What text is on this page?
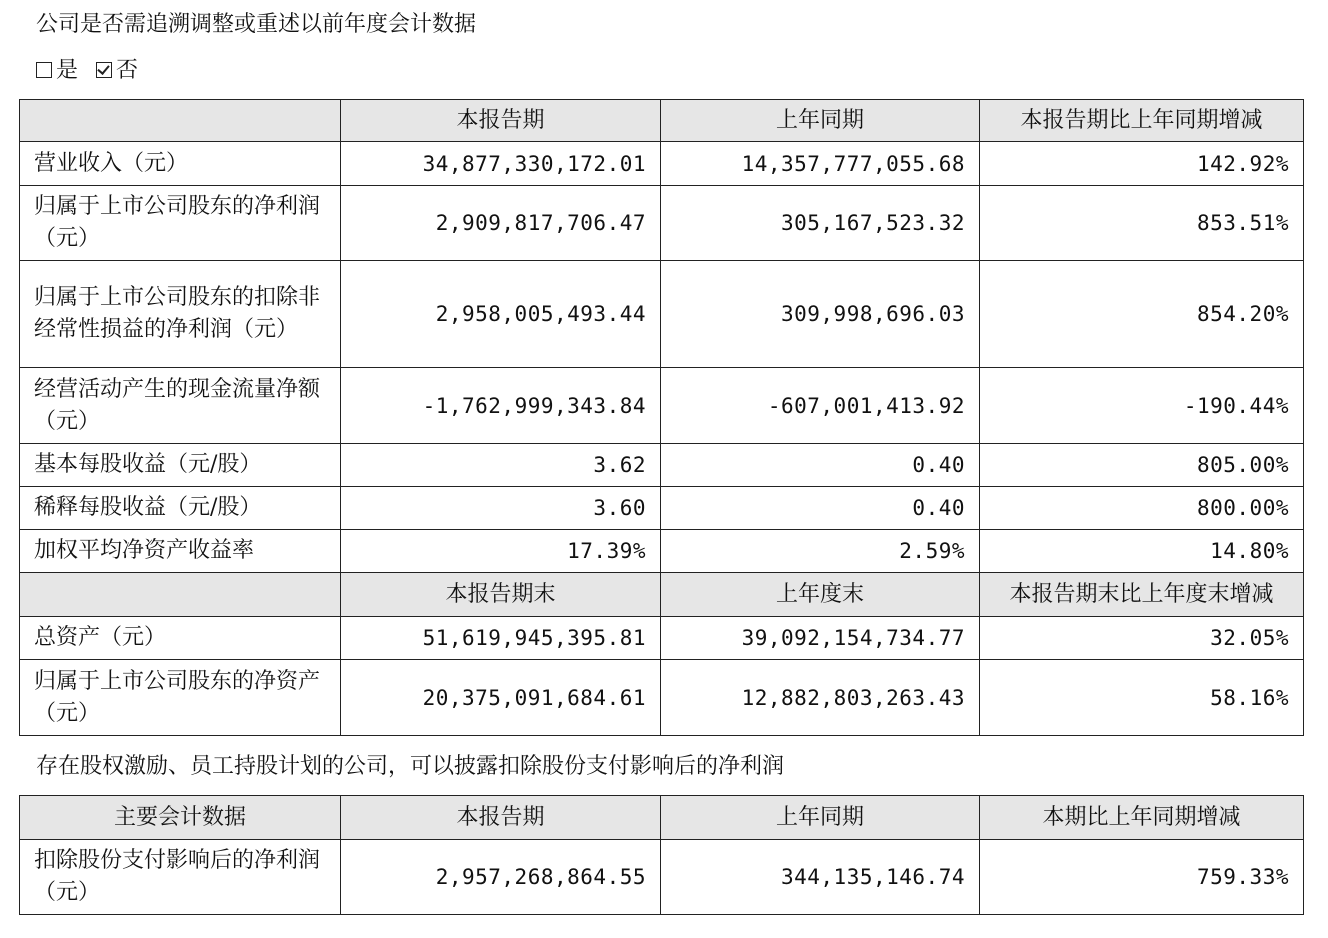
公司是否需追溯调整或重述以前年度会计数据
是 否
	本报告期	上年同期	本报告期比上年同期增减
营业收入（元）	34,877,330,172.01	14,357,777,055.68	142.92%
归属于上市公司股东的净利润（元）	2,909,817,706.47	305,167,523.32	853.51%
归属于上市公司股东的扣除非经常性损益的净利润（元）	2,958,005,493.44	309,998,696.03	854.20%
经营活动产生的现金流量净额（元）	-1,762,999,343.84	-607,001,413.92	-190.44%
基本每股收益（元/股）	3.62	0.40	805.00%
稀释每股收益（元/股）	3.60	0.40	800.00%
加权平均净资产收益率	17.39%	2.59%	14.80%
	本报告期末	上年度末	本报告期末比上年度末增减
总资产（元）	51,619,945,395.81	39,092,154,734.77	32.05%
归属于上市公司股东的净资产（元）	20,375,091,684.61	12,882,803,263.43	58.16%
存在股权激励、员工持股计划的公司，可以披露扣除股份支付影响后的净利润
主要会计数据	本报告期	上年同期	本期比上年同期增减
扣除股份支付影响后的净利润（元）	2,957,268,864.55	344,135,146.74	759.33%
